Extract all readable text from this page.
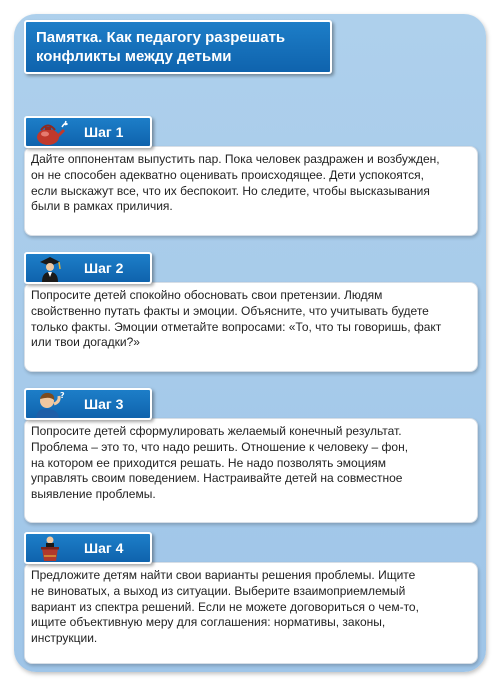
Памятка. Как педагогу разрешать
конфликты между детьми
Шаг 1
Дайте оппонентам выпустить пар. Пока человек раздражен и возбужден,
он не способен адекватно оценивать происходящее. Дети успокоятся,
если выскажут все, что их беспокоит. Но следите, чтобы высказывания
были в рамках приличия.
Шаг 2
Попросите детей спокойно обосновать свои претензии. Людям
свойственно путать факты и эмоции. Объясните, что учитывать будете
только факты. Эмоции отметайте вопросами: «То, что ты говоришь, факт
или твои догадки?»
?
Шаг 3
Попросите детей сформулировать желаемый конечный результат.
Проблема – это то, что надо решить. Отношение к человеку – фон,
на котором ее приходится решать. Не надо позволять эмоциям
управлять своим поведением. Настраивайте детей на совместное
выявление проблемы.
Шаг 4
Предложите детям найти свои варианты решения проблемы. Ищите
не виноватых, а выход из ситуации. Выберите взаимоприемлемый
вариант из спектра решений. Если не можете договориться о чем-то,
ищите объективную меру для соглашения: нормативы, законы,
инструкции.
